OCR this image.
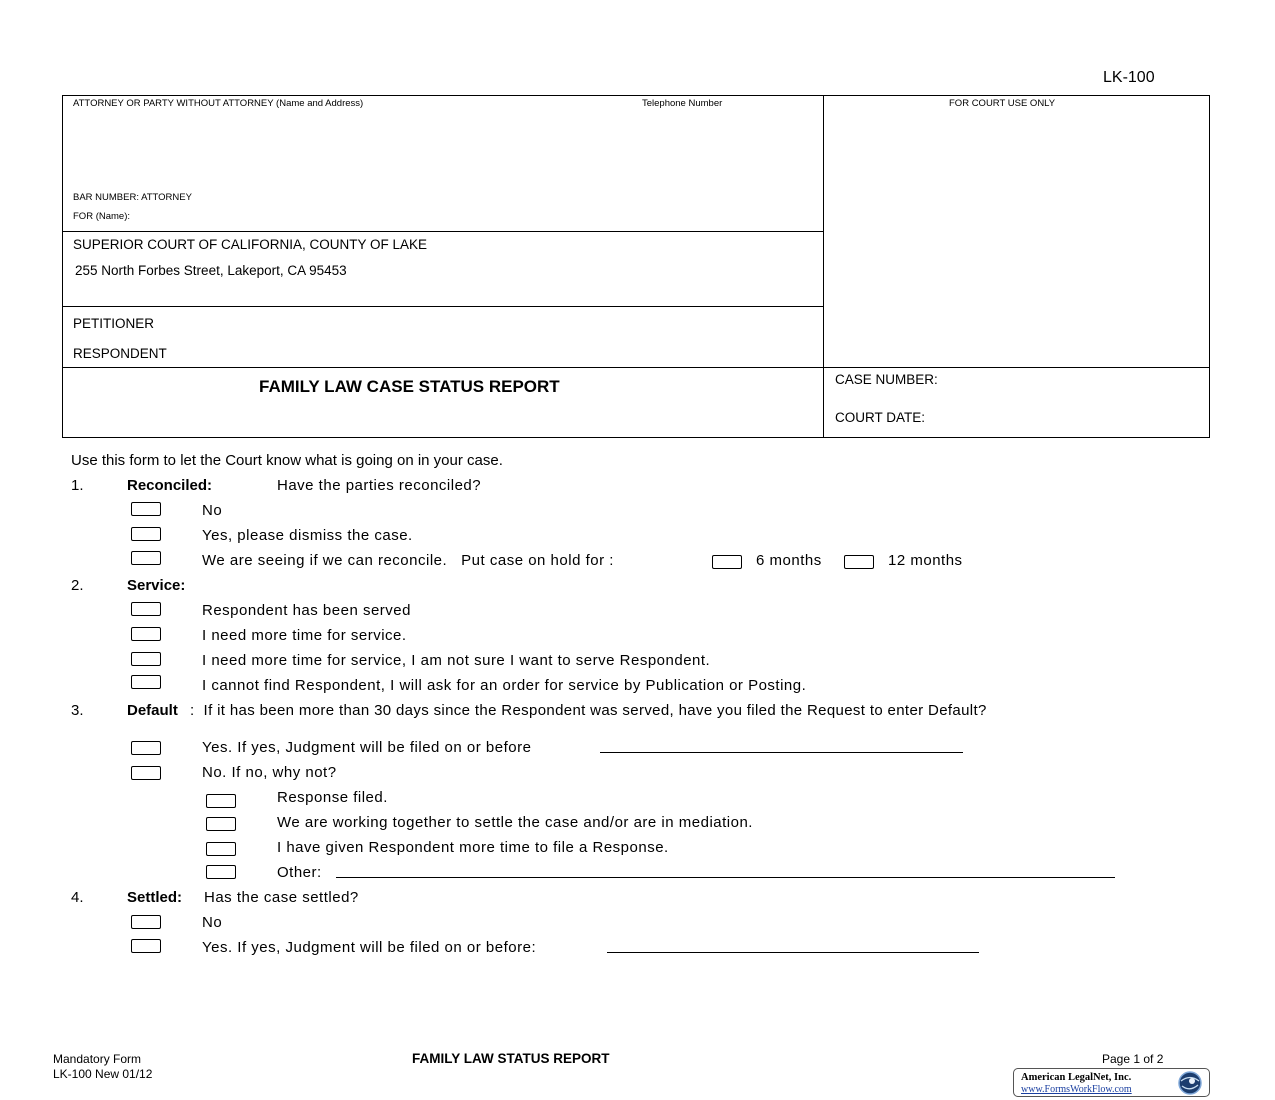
LK-100
ATTORNEY OR PARTY WITHOUT ATTORNEY (Name and Address)	Telephone Number	FOR COURT USE ONLY
BAR NUMBER: ATTORNEY
FOR (Name):
SUPERIOR COURT OF CALIFORNIA, COUNTY OF LAKE
255 North Forbes Street, Lakeport, CA 95453
PETITIONER
RESPONDENT
FAMILY LAW CASE STATUS REPORT	CASE NUMBER:
COURT DATE:
Use this form to let the Court know what is going on in your case.
1.	Reconciled:	Have the parties reconciled?
No
Yes, please dismiss the case.
We are seeing if we can reconcile.   Put case on hold for :	6 months	12 months
2.	Service:
Respondent has been served
I need more time for service.
I need more time for service, I am not sure I want to serve Respondent.
I cannot find Respondent, I will ask for an order for service by Publication or Posting.
3.	Default :  If it has been more than 30 days since the Respondent was served, have you filed the Request to enter Default?
Yes. If yes, Judgment will be filed on or before
No. If no, why not?
Response filed.
We are working together to settle the case and/or are in mediation.
I have given Respondent more time to file a Response.
Other:
4.	Settled: Has the case settled?
No
Yes. If yes, Judgment will be filed on or before:
Mandatory Form
LK-100 New 01/12
FAMILY LAW STATUS REPORT	Page 1 of 2
American LegalNet, Inc.
www.FormsWorkFlow.com
